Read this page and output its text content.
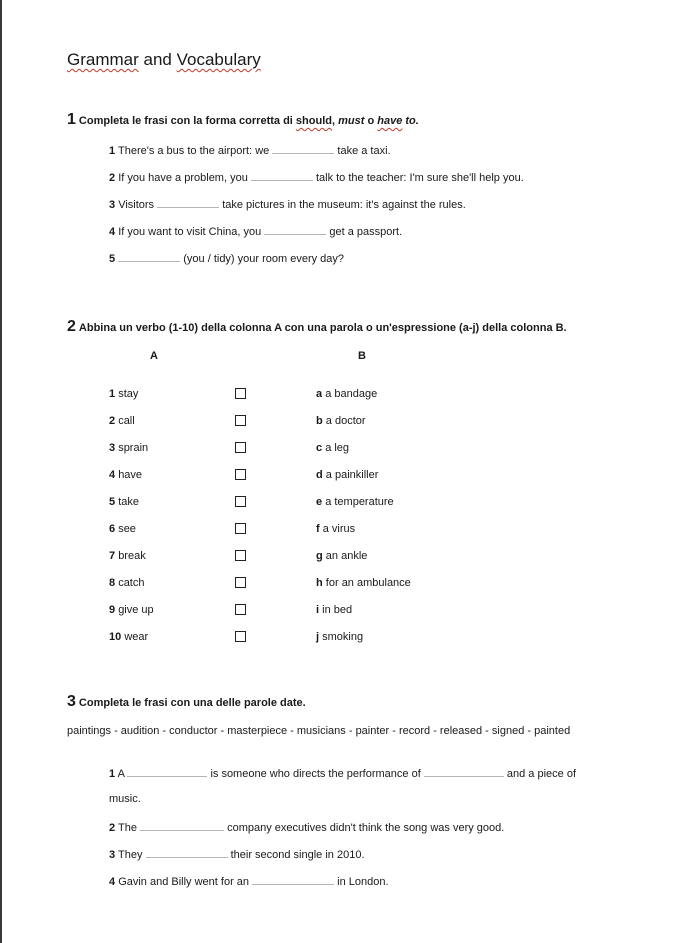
Grammar and Vocabulary
1 Completa le frasi con la forma corretta di should, must o have to.
1 There's a bus to the airport: we	take a taxi.
2 If you have a problem, you	talk to the teacher: I'm sure she'll help you.
3 Visitors	take pictures in the museum: it's against the rules.
4 If you want to visit China, you	get a passport.
5	(you / tidy) your room every day?
2 Abbina un verbo (1-10) della colonna A con una parola o un'espressione (a-j) della colonna B.
A	B
1 stay	a a bandage
2 call	b a doctor
3 sprain	c a leg
4 have	d a painkiller
5 take	e a temperature
6 see	f a virus
7 break	g an ankle
8 catch	h for an ambulance
9 give up	i in bed
10 wear	j smoking
3 Completa le frasi con una delle parole date.
paintings - audition - conductor - masterpiece - musicians - painter - record - released - signed - painted
1 A	is someone who directs the performance of	and a piece of
music.
2 The	company executives didn't think the song was very good.
3 They	their second single in 2010.
4 Gavin and Billy went for an	in London.
